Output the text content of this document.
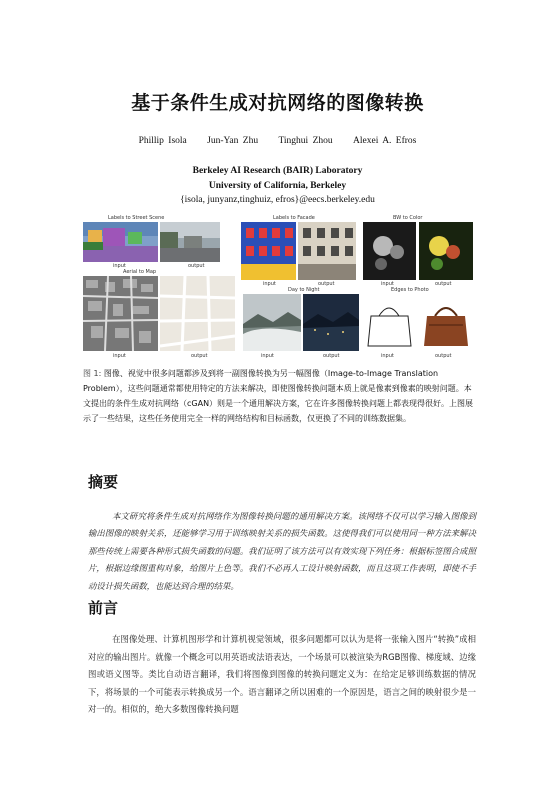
基于条件生成对抗网络的图像转换
Phillip Isola Jun-Yan Zhu Tinghui Zhou Alexei A. Efros
Berkeley AI Research (BAIR) Laboratory
University of California, Berkeley
{isola, junyanz,tinghuiz, efros}@eecs.berkeley.edu
Labels to Street Scene
input	output
Aerial to Map
input	output
Labels to Facade
input	output
Day to Night
input	output
BW to Color
input	output
Edges to Photo
input	output
图 1: 图像、视觉中很多问题都涉及到将一副图像转换为另一幅图像（Image-to-Image Translation Problem），这些问题通常都使用特定的方法来解决，即使图像转换问题本质上就是像素到像素的映射问题。本文提出的条件生成对抗网络（cGAN）则是一个通用解决方案，它在许多图像转换问题上都表现得很好。上图展示了一些结果，这些任务使用完全一样的网络结构和目标函数，仅更换了不同的训练数据集。
摘要
本文研究将条件生成对抗网络作为图像转换问题的通用解决方案。该网络不仅可以学习输入图像到输出图像的映射关系，还能够学习用于训练映射关系的损失函数。这使得我们可以使用同一种方法来解决那些传统上需要各种形式损失函数的问题。我们证明了该方法可以有效实现下列任务：根据标签图合成照片，根据边缘图重构对象，给图片上色等。我们不必再人工设计映射函数，而且这项工作表明，即使不手动设计损失函数，也能达到合理的结果。
前言
在图像处理、计算机图形学和计算机视觉领域，很多问题都可以认为是将一张输入图片“转换”成相对应的输出图片。就像一个概念可以用英语或法语表达，一个场景可以被渲染为RGB图像、梯度域、边缘图或语义图等。类比自动语言翻译，我们将图像到图像的转换问题定义为：在给定足够训练数据的情况下，将场景的一个可能表示转换成另一个。语言翻译之所以困难的一个原因是，语言之间的映射很少是一对一的。相似的，绝大多数图像转换问题
